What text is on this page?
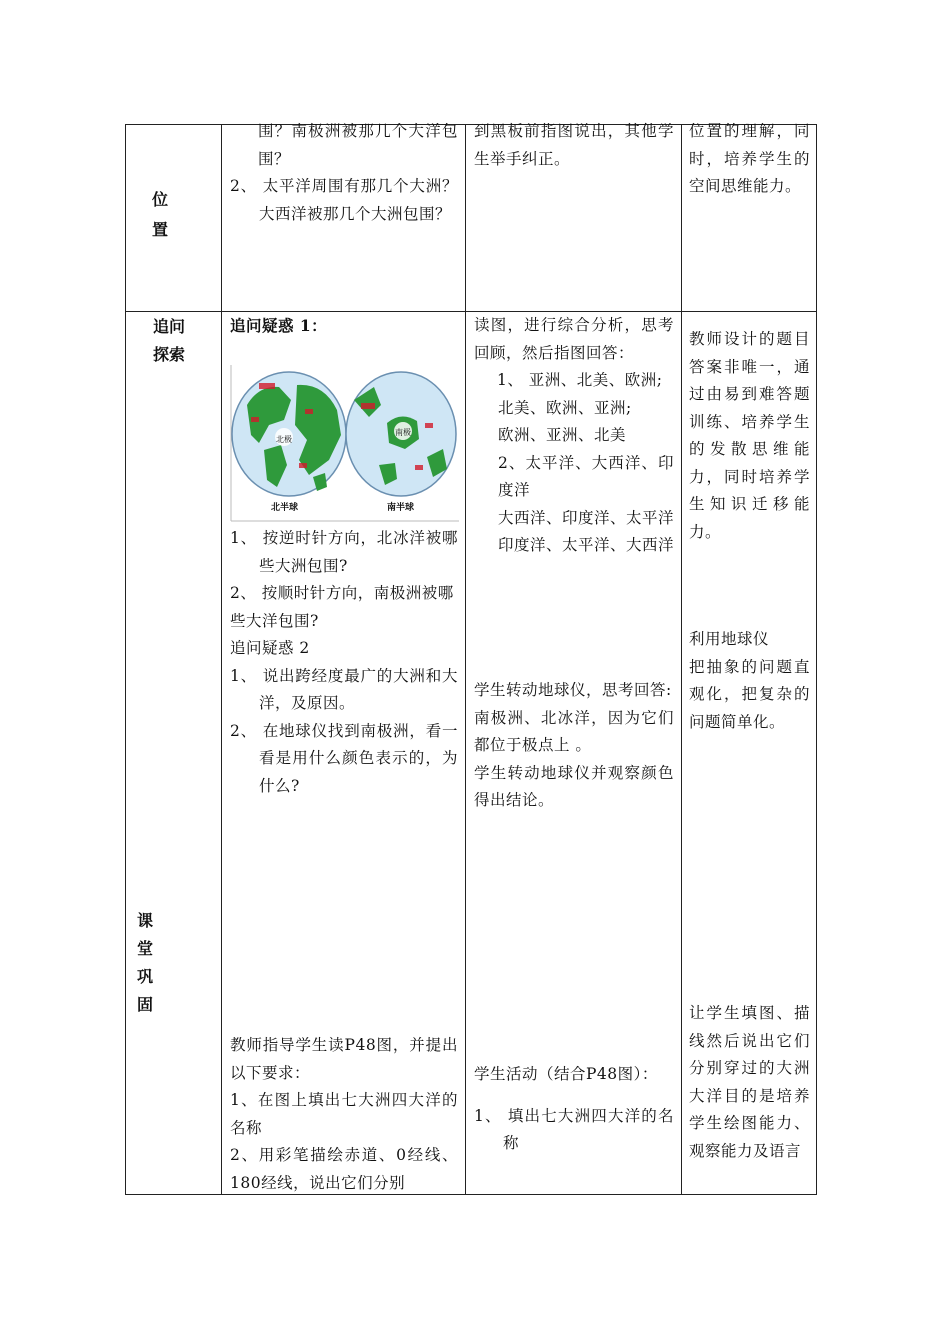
位
置

围？南极洲被那几个大洋包围？

2、 太平洋周围有那几个大洲？大西洋被那几个大洲包围？

到黑板前指图说出，其他学生举手纠正。

位置的理解，同时，培养学生的空间思维能力。

追问
探索
课
堂
巩
固

追问疑惑 1：

北极
北半球
南极
南半球

1、 按逆时针方向，北冰洋被哪些大洲包围?

2、 按顺时针方向，南极洲被哪

些大洋包围?

追问疑惑 2

1、 说出跨经度最广的大洲和大洋，及原因。

2、 在地球仪找到南极洲，看一看是用什么颜色表示的，为什么?

读图，进行综合分析，思考回顾，然后指图回答：

1、 亚洲、北美、欧洲;

北美、欧洲、亚洲;

欧洲、亚洲、北美

2、太平洋、大西洋、印度洋

大西洋、印度洋、太平洋

印度洋、太平洋、大西洋

学生转动地球仪，思考回答:

南极洲、北冰洋，因为它们都位于极点上 。

学生转动地球仪并观察颜色得出结论。

教师设计的题目答案非唯一，通过由易到难答题训练、培养学生的发散思维能力，同时培养学生知识迁移能力。

利用地球仪

把抽象的问题直观化，把复杂的问题简单化。

教师指导学生读P48图，并提出以下要求：

1、在图上填出七大洲四大洋的名称

2、用彩笔描绘赤道、0经线、180经线，说出它们分别

学生活动（结合P48图）：

1、 填出七大洲四大洋的名称

让学生填图、描线然后说出它们分别穿过的大洲大洋目的是培养学生绘图能力、观察能力及语言
